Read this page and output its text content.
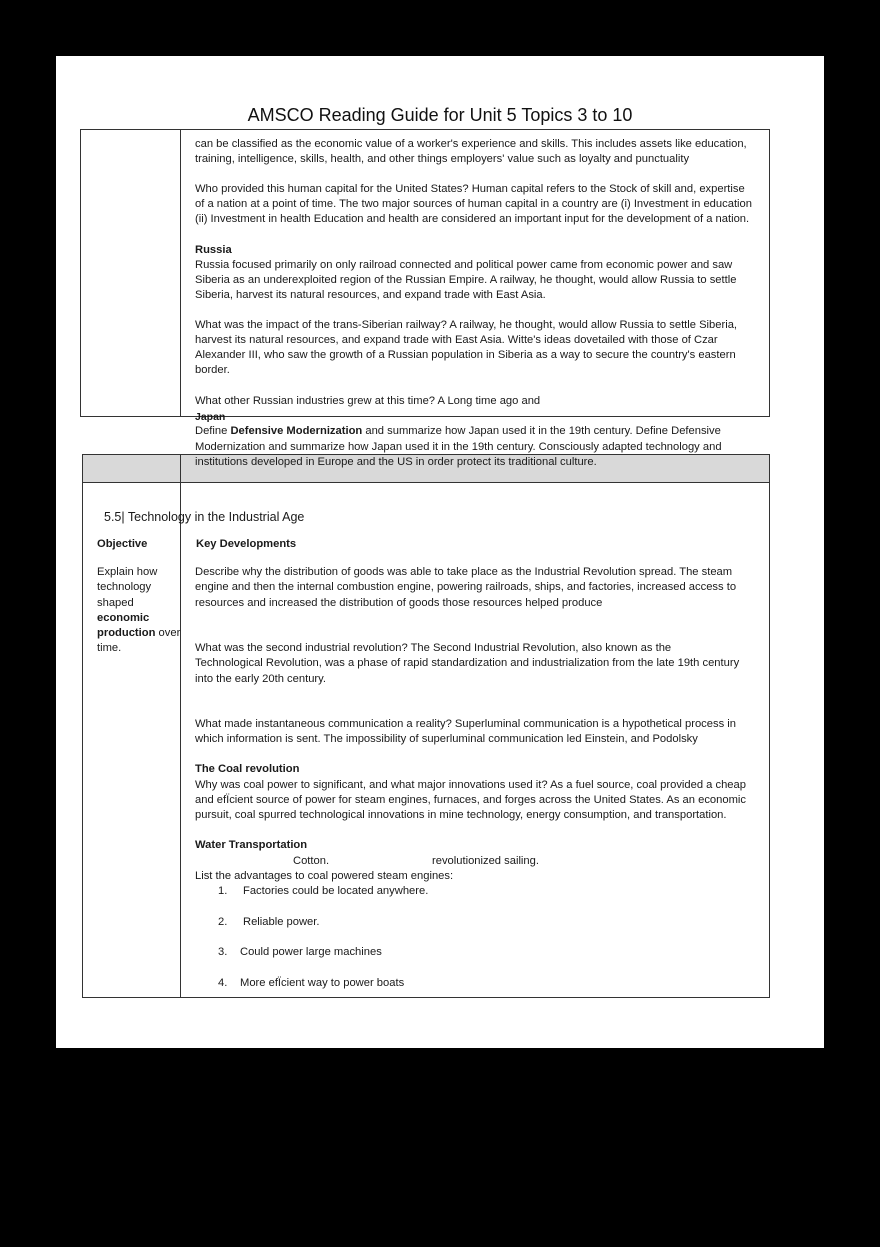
AMSCO Reading Guide for Unit 5 Topics 3 to 10
can be classified as the economic value of a worker's experience and skills. This includes assets like education,
training, intelligence, skills, health, and other things employers' value such as loyalty and punctuality
Who provided this human capital for the United States? Human capital refers to the Stock of skill and, expertise
of a nation at a point of time. The two major sources of human capital in a country are (i) Investment in education
(ii) Investment in health Education and health are considered an important input for the development of a nation.
Russia
Russia focused primarily on only railroad connected and political power came from economic power and saw
Siberia as an underexploited region of the Russian Empire. A railway, he thought, would allow Russia to settle
Siberia, harvest its natural resources, and expand trade with East Asia.
What was the impact of the trans-Siberian railway? A railway, he thought, would allow Russia to settle Siberia,
harvest its natural resources, and expand trade with East Asia. Witte's ideas dovetailed with those of Czar
Alexander III, who saw the growth of a Russian population in Siberia as a way to secure the country's eastern
border.
What other Russian industries grew at this time? A Long time ago and
Japan
Define Defensive Modernization and summarize how Japan used it in the 19th century. Define Defensive
Modernization and summarize how Japan used it in the 19th century. Consciously adapted technology and
institutions developed in Europe and the US in order protect its traditional culture.
5.5| Technology in the Industrial Age
Objective	Key Developments
Explain how
technology
shaped
economic
production over
time.
Describe why the distribution of goods was able to take place as the Industrial Revolution spread. The steam
engine and then the internal combustion engine, powering railroads, ships, and factories, increased access to
resources and increased the distribution of goods those resources helped produce
What was the second industrial revolution? The Second Industrial Revolution, also known as the
Technological Revolution, was a phase of rapid standardization and industrialization from the late 19th century
into the early 20th century.
What made instantaneous communication a reality? Superluminal communication is a hypothetical process in
which information is sent. The impossibility of superluminal communication led Einstein, and Podolsky
The Coal revolution
Why was coal power to significant, and what major innovations used it? As a fuel source, coal provided a cheap
and efÏcient source of power for steam engines, furnaces, and forges across the United States. As an economic
pursuit, coal spurred technological innovations in mine technology, energy consumption, and transportation.
Water Transportation
Cotton.	revolutionized sailing.
List the advantages to coal powered steam engines:
1. Factories could be located anywhere.
2. Reliable power.
3. Could power large machines
4. More efÏcient way to power boats
